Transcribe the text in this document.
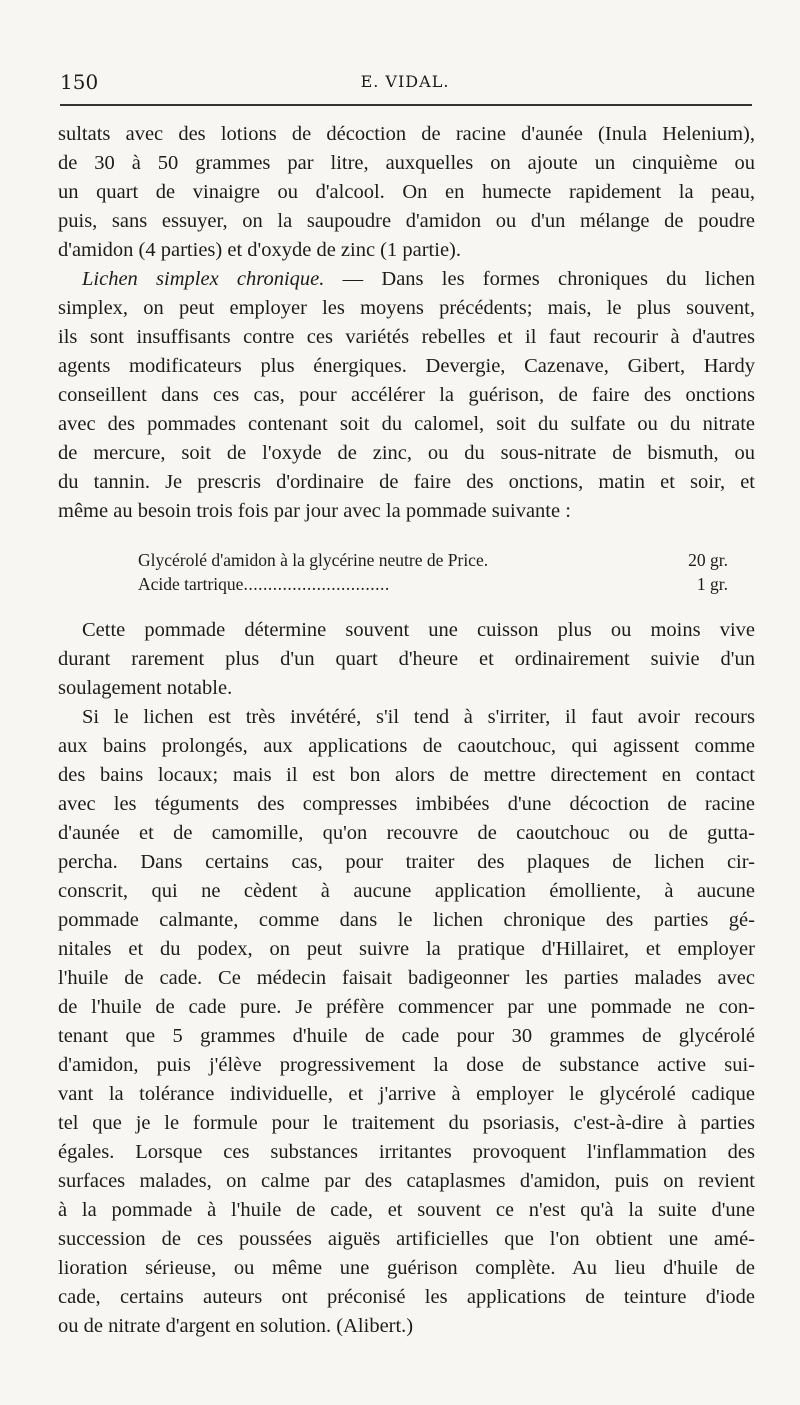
150	E. VIDAL.

sultats avec des lotions de décoction de racine d'aunée (Inula Helenium),
de 30 à 50 grammes par litre, auxquelles on ajoute un cinquième ou
un quart de vinaigre ou d'alcool. On en humecte rapidement la peau,
puis, sans essuyer, on la saupoudre d'amidon ou d'un mélange de poudre
d'amidon (4 parties) et d'oxyde de zinc (1 partie).

Lichen simplex chronique. — Dans les formes chroniques du lichen
simplex, on peut employer les moyens précédents; mais, le plus souvent,
ils sont insuffisants contre ces variétés rebelles et il faut recourir à d'autres
agents modificateurs plus énergiques. Devergie, Cazenave, Gibert, Hardy
conseillent dans ces cas, pour accélérer la guérison, de faire des onctions
avec des pommades contenant soit du calomel, soit du sulfate ou du nitrate
de mercure, soit de l'oxyde de zinc, ou du sous-nitrate de bismuth, ou
du tannin. Je prescris d'ordinaire de faire des onctions, matin et soir, et
même au besoin trois fois par jour avec la pommade suivante :

Glycérolé d'amidon à la glycérine neutre de Price.	20 gr.
Acide tartrique..............................	1 gr.

Cette pommade détermine souvent une cuisson plus ou moins vive
durant rarement plus d'un quart d'heure et ordinairement suivie d'un
soulagement notable.

Si le lichen est très invétéré, s'il tend à s'irriter, il faut avoir recours
aux bains prolongés, aux applications de caoutchouc, qui agissent comme
des bains locaux; mais il est bon alors de mettre directement en contact
avec les téguments des compresses imbibées d'une décoction de racine
d'aunée et de camomille, qu'on recouvre de caoutchouc ou de gutta-
percha. Dans certains cas, pour traiter des plaques de lichen cir-
conscrit, qui ne cèdent à aucune application émolliente, à aucune
pommade calmante, comme dans le lichen chronique des parties gé-
nitales et du podex, on peut suivre la pratique d'Hillairet, et employer
l'huile de cade. Ce médecin faisait badigeonner les parties malades avec
de l'huile de cade pure. Je préfère commencer par une pommade ne con-
tenant que 5 grammes d'huile de cade pour 30 grammes de glycérolé
d'amidon, puis j'élève progressivement la dose de substance active sui-
vant la tolérance individuelle, et j'arrive à employer le glycérolé cadique
tel que je le formule pour le traitement du psoriasis, c'est-à-dire à parties
égales. Lorsque ces substances irritantes provoquent l'inflammation des
surfaces malades, on calme par des cataplasmes d'amidon, puis on revient
à la pommade à l'huile de cade, et souvent ce n'est qu'à la suite d'une
succession de ces poussées aiguës artificielles que l'on obtient une amé-
lioration sérieuse, ou même une guérison complète. Au lieu d'huile de
cade, certains auteurs ont préconisé les applications de teinture d'iode
ou de nitrate d'argent en solution. (Alibert.)
